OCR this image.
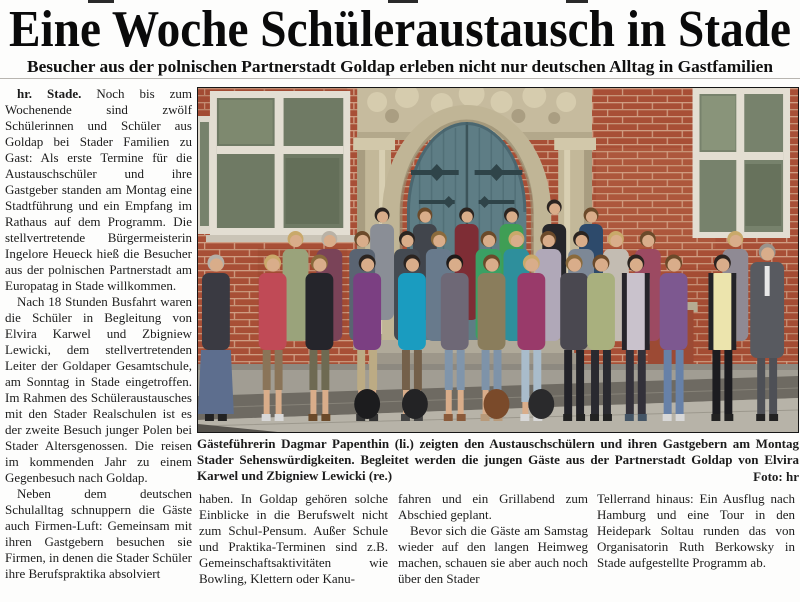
Eine Woche Schüleraustausch in Stade
Besucher aus der polnischen Partnerstadt Goldap erleben nicht nur deutschen Alltag in Gastfamilien

hr. Stade. Noch bis zum Wochenende sind zwölf Schülerinnen und Schüler aus Goldap bei Stader Familien zu Gast: Als erste Termine für die Austauschschüler und ihre Gastgeber standen am Montag eine Stadtführung und ein Empfang im Rathaus auf dem Programm. Die stellvertretende Bürgermeisterin Ingelore Heueck hieß die Besucher aus der polnischen Partnerstadt am Europatag in Stade willkommen.

Nach 18 Stunden Busfahrt waren die Schüler in Begleitung von Elvira Karwel und Zbigniew Lewicki, dem stellvertretenden Leiter der Goldaper Gesamtschule, am Sonntag in Stade eingetroffen. Im Rahmen des Schüleraustausches mit den Stader Realschulen ist es der zweite Besuch junger Polen bei Stader Altersgenossen. Die reisen im kommenden Jahr zu einem Gegenbesuch nach Goldap.

Neben dem deutschen Schulalltag schnuppern die Gäste auch Firmen-Luft: Gemeinsam mit ihren Gastgebern besuchen sie Firmen, in denen die Stader Schüler ihre Berufspraktika absolviert

Gästeführerin Dagmar Papenthin (li.) zeigten den Austauschschülern und ihren Gastgebern am Montag Stader Sehenswürdigkeiten. Begleitet werden die jungen Gäste aus der Partnerstadt Goldap von Elvira Karwel und Zbigniew Lewicki (re.)	Foto: hr

haben. In Goldap gehören solche Einblicke in die Berufswelt nicht zum Schul-Pensum. Außer Schule und Praktika-Terminen sind z.B. Gemeinschaftsaktivitäten wie Bowling, Klettern oder Kanu-

fahren und ein Grillabend zum Abschied geplant.

Bevor sich die Gäste am Samstag wieder auf den langen Heimweg machen, schauen sie aber auch noch über den Stader

Tellerrand hinaus: Ein Ausflug nach Hamburg und eine Tour in den Heidepark Soltau runden das von Organisatorin Ruth Berkowsky in Stade aufgestellte Programm ab.
